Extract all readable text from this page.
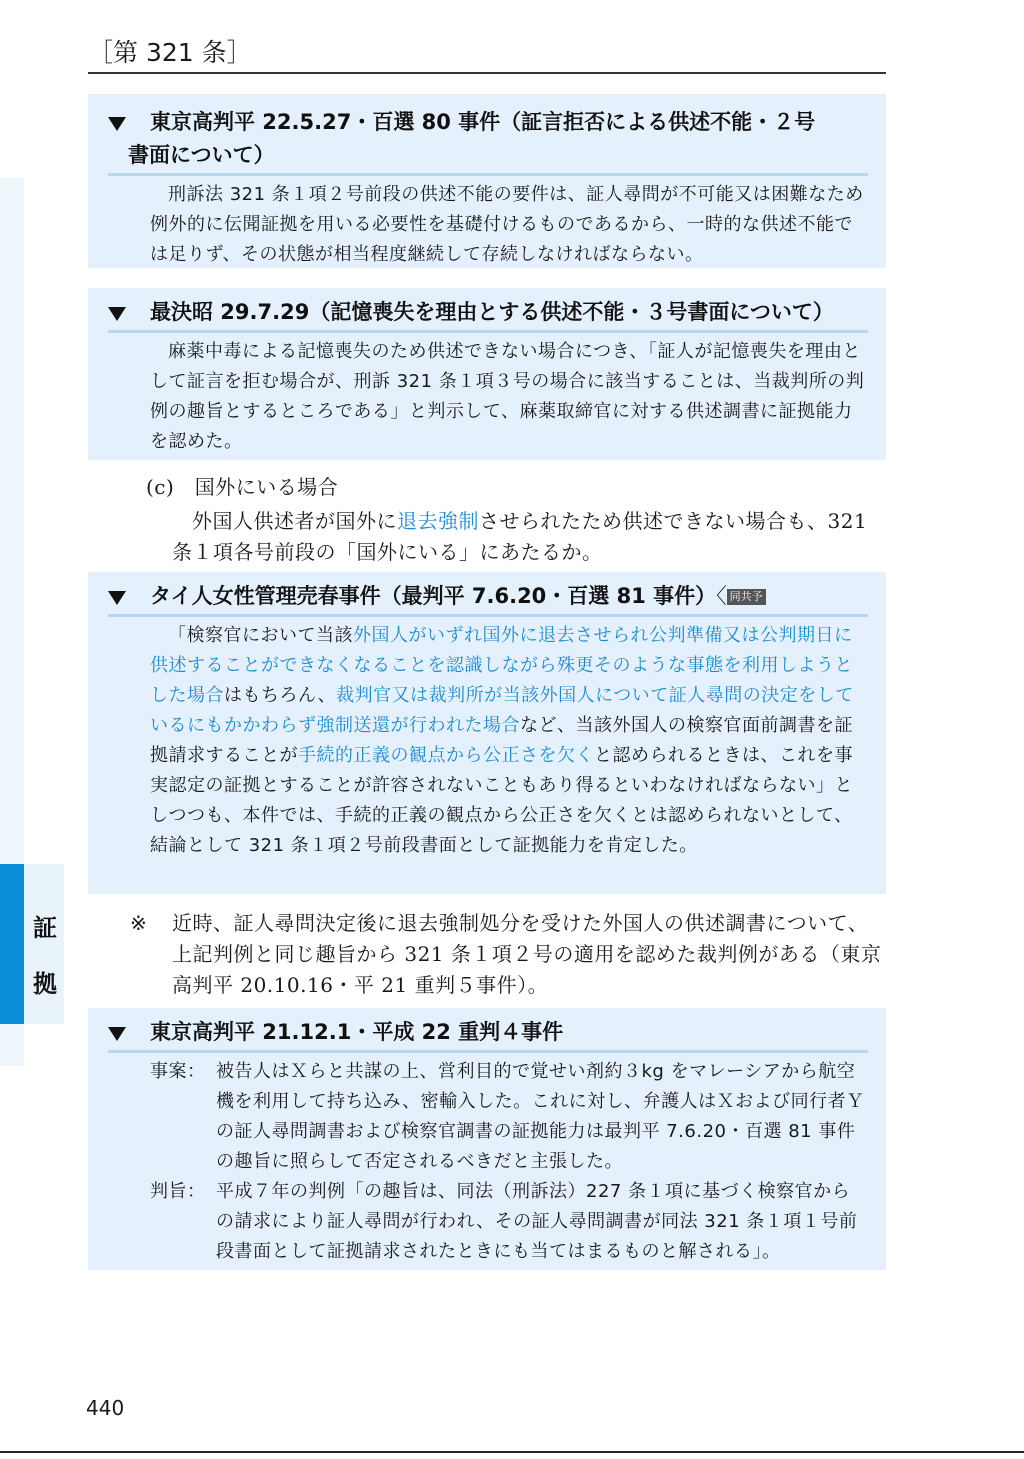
［第 321 条］
証拠
東京高判平 22.5.27・百選 80 事件（証言拒否による供述不能・２号
書面について）
刑訴法 321 条１項２号前段の供述不能の要件は、証人尋問が不可能又は困難なため例外的に伝聞証拠を用いる必要性を基礎付けるものであるから、一時的な供述不能では足りず、その状態が相当程度継続して存続しなければならない。
最決昭 29.7.29（記憶喪失を理由とする供述不能・３号書面について）
麻薬中毒による記憶喪失のため供述できない場合につき、「証人が記憶喪失を理由として証言を拒む場合が、刑訴 321 条１項３号の場合に該当することは、当裁判所の判例の趣旨とするところである」と判示して、麻薬取締官に対する供述調書に証拠能力を認めた。
(c)　国外にいる場合
外国人供述者が国外に退去強制させられたため供述できない場合も、321 条１項各号前段の「国外にいる」にあたるか。
タイ人女性管理売春事件（最判平 7.6.20・百選 81 事件）〈 同共予
「検察官において当該外国人がいずれ国外に退去させられ公判準備又は公判期日に供述することができなくなることを認識しながら殊更そのような事態を利用しようとした場合はもちろん、裁判官又は裁判所が当該外国人について証人尋問の決定をしているにもかかわらず強制送還が行われた場合など、当該外国人の検察官面前調書を証拠請求することが手続的正義の観点から公正さを欠くと認められるときは、これを事実認定の証拠とすることが許容されないこともあり得るといわなければならない」としつつも、本件では、手続的正義の観点から公正さを欠くとは認められないとして、結論として 321 条１項２号前段書面として証拠能力を肯定した。
※ 近時、証人尋問決定後に退去強制処分を受けた外国人の供述調書について、上記判例と同じ趣旨から 321 条１項２号の適用を認めた裁判例がある（東京高判平 20.10.16・平 21 重判５事件）。
東京高判平 21.12.1・平成 22 重判４事件
事案： 被告人はＸらと共謀の上、営利目的で覚せい剤約３kg をマレーシアから航空機を利用して持ち込み、密輸入した。これに対し、弁護人はＸおよび同行者Ｙの証人尋問調書および検察官調書の証拠能力は最判平 7.6.20・百選 81 事件の趣旨に照らして否定されるべきだと主張した。
判旨： 平成７年の判例「の趣旨は、同法（刑訴法）227 条１項に基づく検察官からの請求により証人尋問が行われ、その証人尋問調書が同法 321 条１項１号前段書面として証拠請求されたときにも当てはまるものと解される」。
440
